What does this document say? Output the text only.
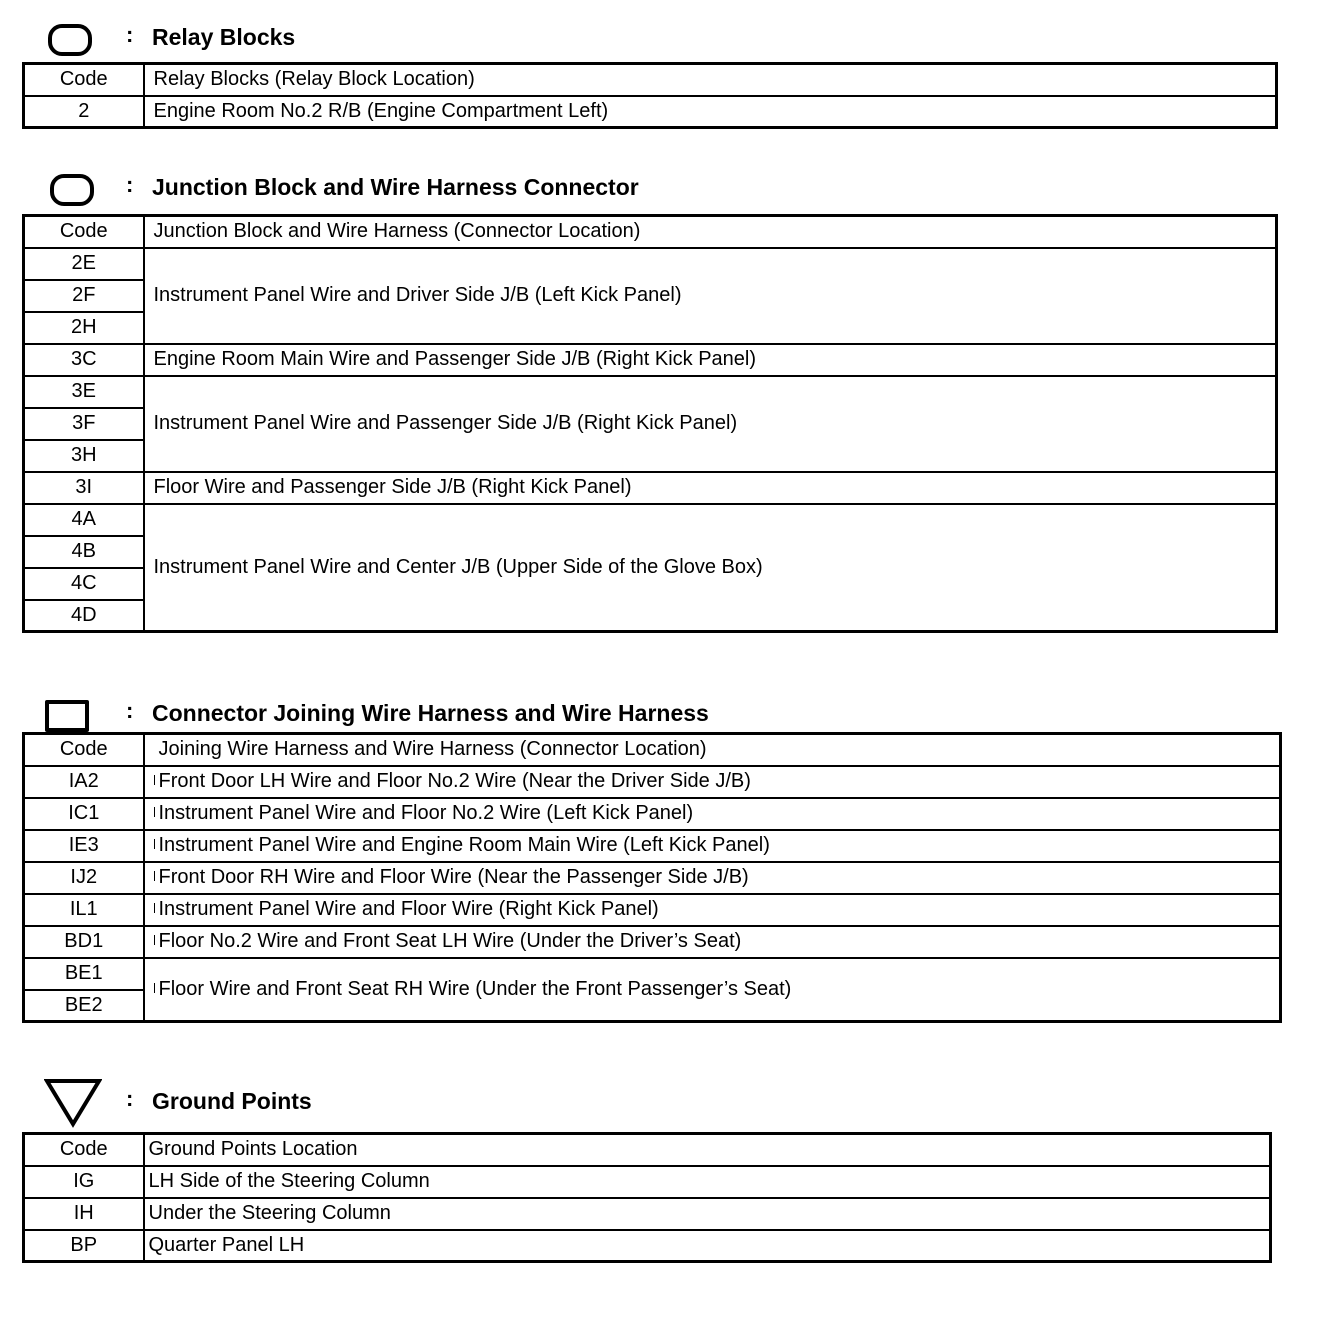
: Relay Blocks
Code	Relay Blocks (Relay Block Location)
2	Engine Room No.2 R/B (Engine Compartment Left)
: Junction Block and Wire Harness Connector
Code	Junction Block and Wire Harness (Connector Location)
2E	Instrument Panel Wire and Driver Side J/B (Left Kick Panel)
2F	
2H	
3C	Engine Room Main Wire and Passenger Side J/B (Right Kick Panel)
3E	Instrument Panel Wire and Passenger Side J/B (Right Kick Panel)
3F	
3H	
3I	Floor Wire and Passenger Side J/B (Right Kick Panel)
4A	Instrument Panel Wire and Center J/B (Upper Side of the Glove Box)
4B	
4C	
4D	
: Connector Joining Wire Harness and Wire Harness
Code	Joining Wire Harness and Wire Harness (Connector Location)
IA2	Front Door LH Wire and Floor No.2 Wire (Near the Driver Side J/B)
IC1	Instrument Panel Wire and Floor No.2 Wire (Left Kick Panel)
IE3	Instrument Panel Wire and Engine Room Main Wire (Left Kick Panel)
IJ2	Front Door RH Wire and Floor Wire (Near the Passenger Side J/B)
IL1	Instrument Panel Wire and Floor Wire (Right Kick Panel)
BD1	Floor No.2 Wire and Front Seat LH Wire (Under the Driver’s Seat)
BE1	Floor Wire and Front Seat RH Wire (Under the Front Passenger’s Seat)
BE2	
: Ground Points
Code	Ground Points Location
IG	LH Side of the Steering Column
IH	Under the Steering Column
BP	Quarter Panel LH
